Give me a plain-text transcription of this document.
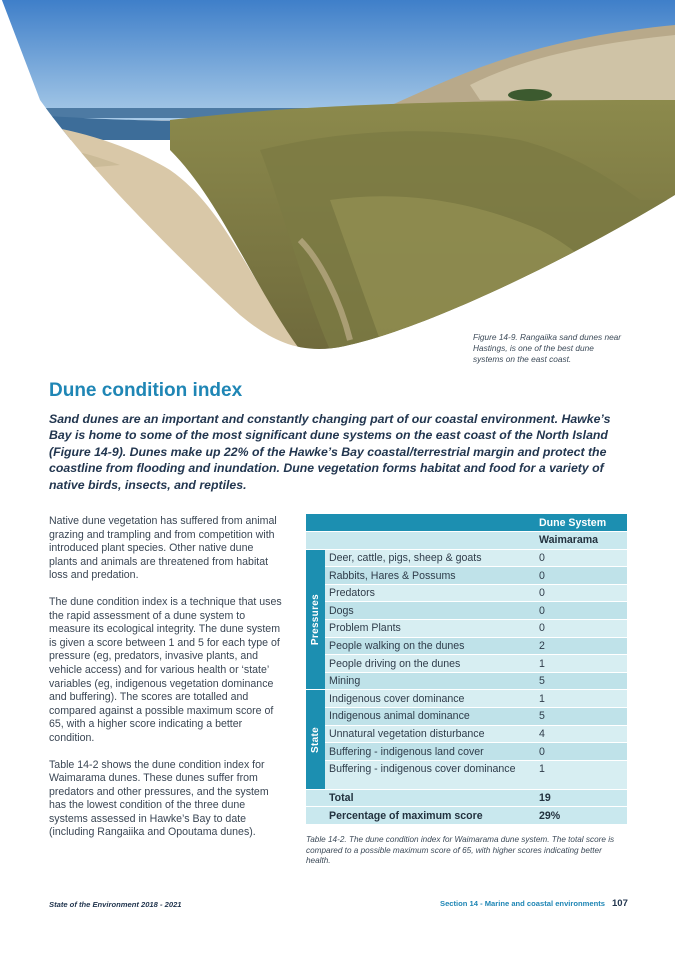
Figure 14-9. Rangaiika sand dunes near Hastings, is one of the best dune systems on the east coast.
Dune condition index

Sand dunes are an important and constantly changing part of our coastal environment. Hawke’s Bay is home to some of the most significant dune systems on the east coast of the North Island (Figure 14-9). Dunes make up 22% of the Hawke’s Bay coastal/terrestrial margin and protect the coastline from flooding and inundation. Dune vegetation forms habitat and food for a variety of native birds, insects, and reptiles.

Native dune vegetation has suffered from animal grazing and trampling and from competition with introduced plant species. Other native dune plants and animals are threatened from habitat loss and predation.

The dune condition index is a technique that uses the rapid assessment of a dune system to measure its ecological integrity. The dune system is given a score between 1 and 5 for each type of pressure (eg, predators, invasive plants, and vehicle access) and for various health or ‘state’ variables (eg, indigenous vegetation dominance and buffering). The scores are totalled and compared against a possible maximum score of 65, with a higher score indicating a better condition.

Table 14-2 shows the dune condition index for Waimarama dunes. These dunes suffer from predators and other pressures, and the system has the lowest condition of the three dune systems assessed in Hawke’s Bay to date (including Rangaiika and Opoutama dunes).

		Dune System
		Waimarama

Pressures	Deer, cattle, pigs, sheep & goats	0
	Rabbits, Hares & Possums	0
	Predators	0
	Dogs	0
	Problem Plants	0
	People walking on the dunes	2
	People driving on the dunes	1
	Mining	5

State	Indigenous cover dominance	1
	Indigenous animal dominance	5
	Unnatural vegetation disturbance	4
	Buffering - indigenous land cover	0
	Buffering - indigenous cover dominance	1
	Total	19
	Percentage of maximum score	29%
Table 14-2. The dune condition index for Waimarama dune system. The total score is compared to a possible maximum score of 65, with higher scores indicating better health.
State of the Environment 2018 - 2021	Section 14 - Marine and coastal environments 107
